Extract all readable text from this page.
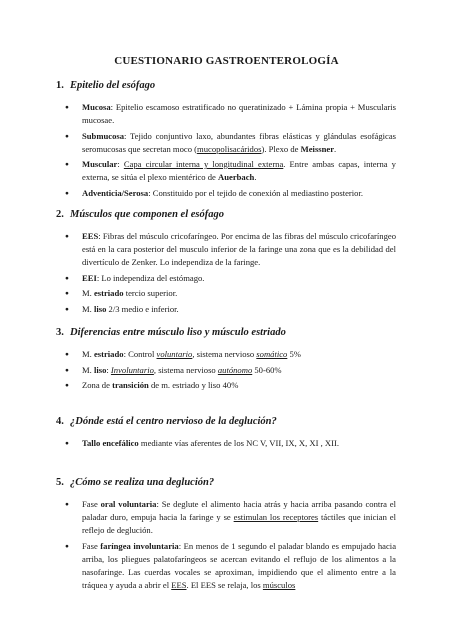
CUESTIONARIO GASTROENTEROLOGÍA
1. Epitelio del esófago
● Mucosa: Epitelio escamoso estratificado no queratinizado + Lámina propia + Muscularis mucosae.
● Submucosa: Tejido conjuntivo laxo, abundantes fibras elásticas y glándulas esofágicas seromucosas que secretan moco (mucopolisacáridos). Plexo de Meissner.
● Muscular: Capa circular interna y longitudinal externa. Entre ambas capas, interna y externa, se sitúa el plexo mientérico de Auerbach.
● Adventicia/Serosa: Constituido por el tejido de conexión al mediastino posterior.
2. Músculos que componen el esófago
● EES: Fibras del músculo cricofaríngeo. Por encima de las fibras del músculo cricofaríngeo está en la cara posterior del musculo inferior de la faringe una zona que es la debilidad del divertículo de Zenker. Lo independiza de la faringe.
● EEI: Lo independiza del estómago.
● M. estriado tercio superior.
● M. liso 2/3 medio e inferior.
3. Diferencias entre músculo liso y músculo estriado
● M. estriado: Control voluntario, sistema nervioso somático 5%
● M. liso: Involuntario, sistema nervioso autónomo 50-60%
● Zona de transición de m. estriado y liso 40%
4. ¿Dónde está el centro nervioso de la deglución?
● Tallo encefálico mediante vías aferentes de los NC V, VII, IX, X, XI , XII.
5. ¿Cómo se realiza una deglución?
● Fase oral voluntaria: Se deglute el alimento hacia atrás y hacia arriba pasando contra el paladar duro, empuja hacia la faringe y se estimulan los receptores táctiles que inician el reflejo de deglución.
● Fase faríngea involuntaria: En menos de 1 segundo el paladar blando es empujado hacia arriba, los pliegues palatofaríngeos se acercan evitando el reflujo de los alimentos a la nasofaringe. Las cuerdas vocales se aproximan, impidiendo que el alimento entre a la tráquea y ayuda a abrir el EES. El EES se relaja, los músculos
